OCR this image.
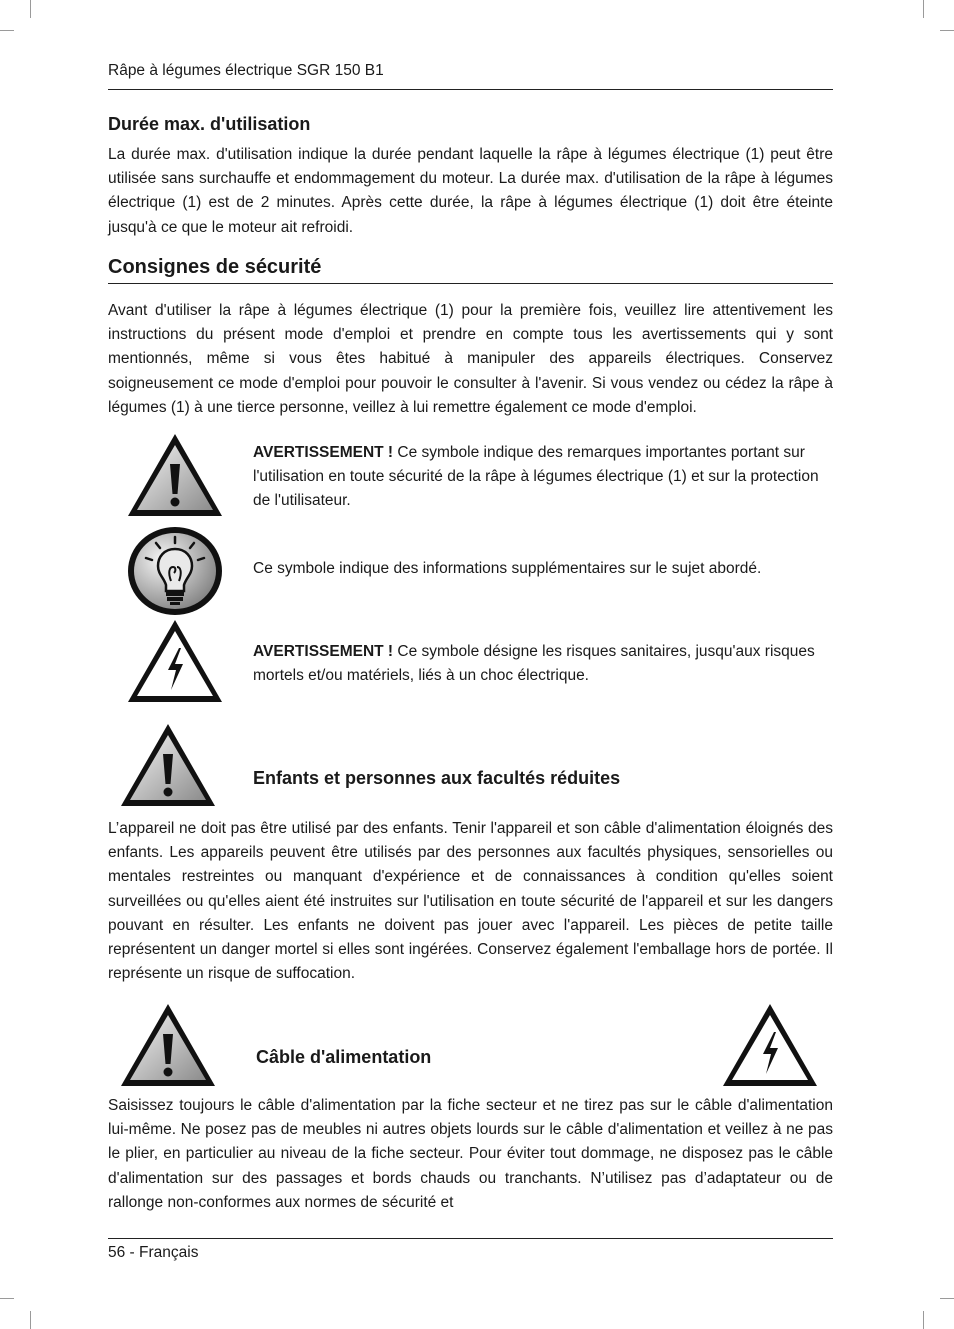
Râpe à légumes électrique SGR 150 B1
Durée max. d'utilisation

La durée max. d'utilisation indique la durée pendant laquelle la râpe à légumes électrique (1) peut être utilisée sans surchauffe et endommagement du moteur. La durée max. d'utilisation de la râpe à légumes électrique (1) est de 2 minutes. Après cette durée, la râpe à légumes électrique (1) doit être éteinte jusqu'à ce que le moteur ait refroidi.

Consignes de sécurité

Avant d'utiliser la râpe à légumes électrique (1) pour la première fois, veuillez lire attentivement les instructions du présent mode d'emploi et prendre en compte tous les avertissements qui y sont mentionnés, même si vous êtes habitué à manipuler des appareils électriques. Conservez soigneusement ce mode d'emploi pour pouvoir le consulter à l'avenir. Si vous vendez ou cédez la râpe à légumes (1) à une tierce personne, veillez à lui remettre également ce mode d'emploi.

AVERTISSEMENT ! Ce symbole indique des remarques importantes portant sur l'utilisation en toute sécurité de la râpe à légumes électrique (1) et sur la protection de l'utilisateur.

Ce symbole indique des informations supplémentaires sur le sujet abordé.

AVERTISSEMENT ! Ce symbole désigne les risques sanitaires, jusqu'aux risques mortels et/ou matériels, liés à un choc électrique.

Enfants et personnes aux facultés réduites

L’appareil ne doit pas être utilisé par des enfants. Tenir l'appareil et son câble d'alimentation éloignés des enfants. Les appareils peuvent être utilisés par des personnes aux facultés physiques, sensorielles ou mentales restreintes ou manquant d'expérience et de connaissances à condition qu'elles soient surveillées ou qu'elles aient été instruites sur l'utilisation en toute sécurité de l'appareil et sur les dangers pouvant en résulter. Les enfants ne doivent pas jouer avec l'appareil. Les pièces de petite taille représentent un danger mortel si elles sont ingérées. Conservez également l'emballage hors de portée. Il représente un risque de suffocation.

Câble d'alimentation

Saisissez toujours le câble d'alimentation par la fiche secteur et ne tirez pas sur le câble d'alimentation lui-même. Ne posez pas de meubles ni autres objets lourds sur le câble d'alimentation et veillez à ne pas le plier, en particulier au niveau de la fiche secteur. Pour éviter tout dommage, ne disposez pas le câble d'alimentation sur des passages et bords chauds ou tranchants. N’utilisez pas d’adaptateur ou de rallonge non-conformes aux normes de sécurité et

56 - Français
